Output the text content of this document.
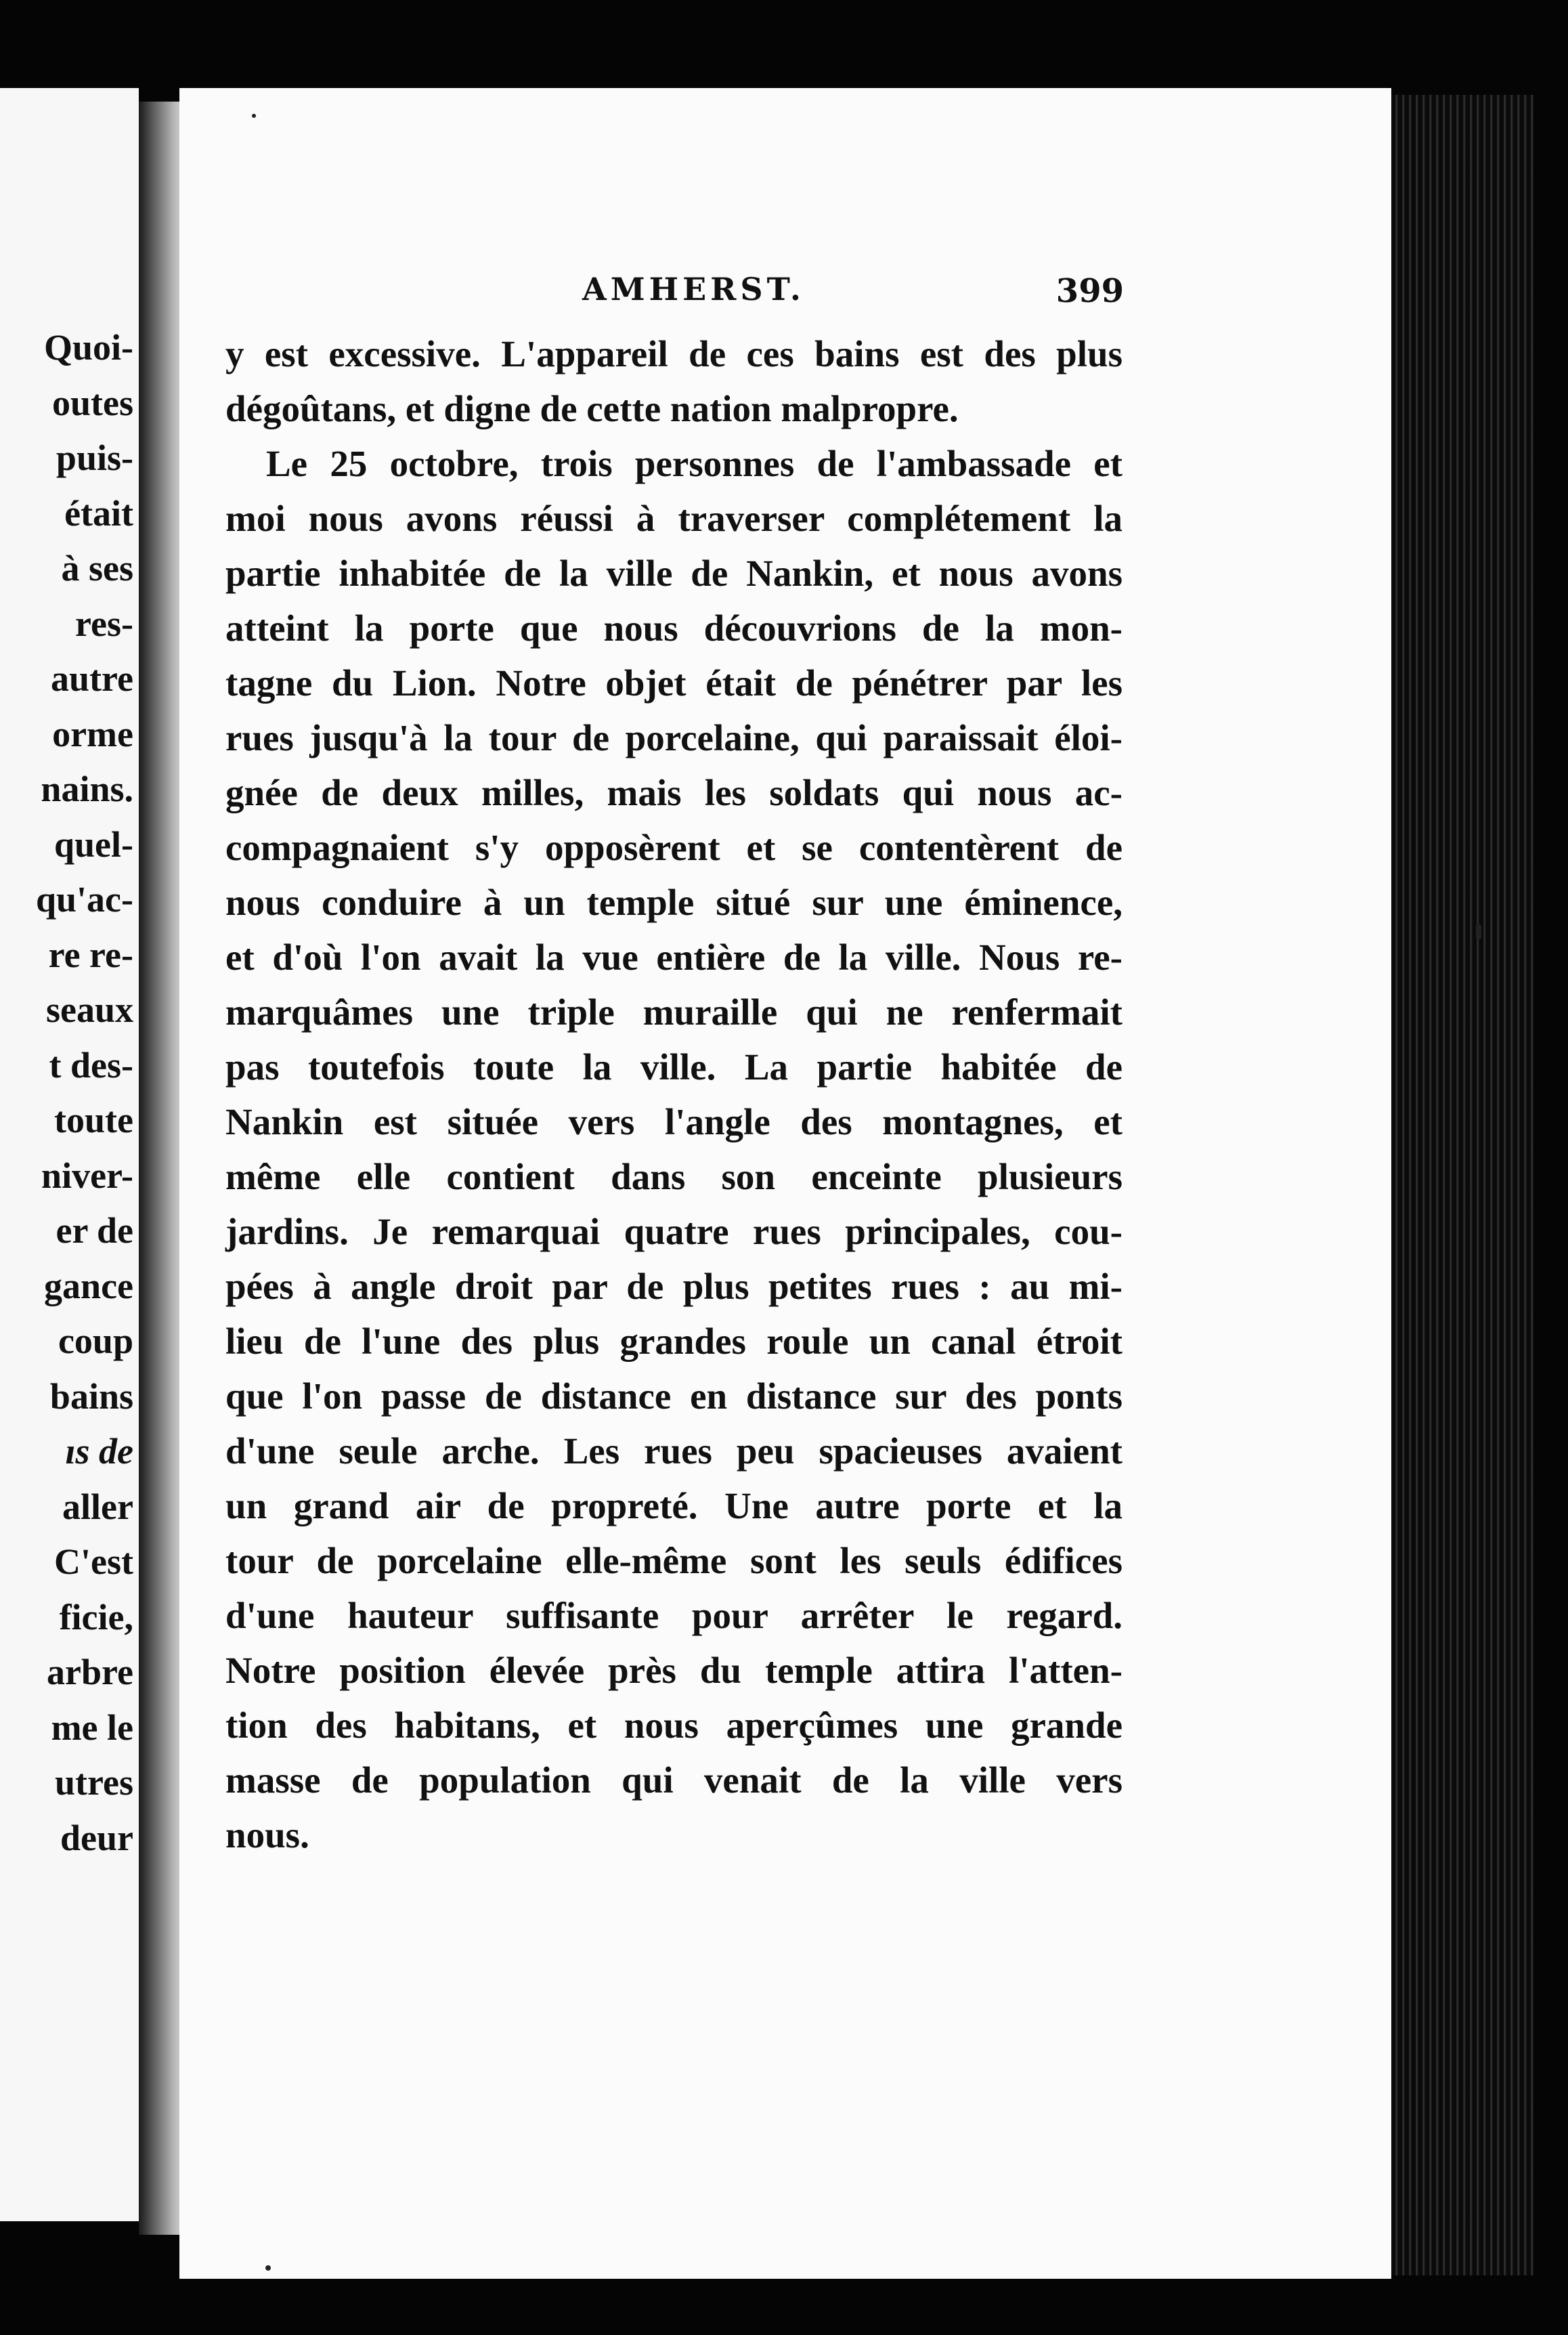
Quoi-
outes
puis-
était
à ses
res-
autre
orme
nains.
quel-
qu'ac-
re re-
seaux
t des-
toute
niver-
er de
gance
coup
bains
ıs de
aller
C'est
ficie,
arbre
me le
utres
deur
AMHERST.	399
y est excessive. L'appareil de ces bains est des plus
dégoûtans, et digne de cette nation malpropre.
Le 25 octobre, trois personnes de l'ambassade et
moi nous avons réussi à traverser complétement la
partie inhabitée de la ville de Nankin, et nous avons
atteint la porte que nous découvrions de la mon-
tagne du Lion. Notre objet était de pénétrer par les
rues jusqu'à la tour de porcelaine, qui paraissait éloi-
gnée de deux milles, mais les soldats qui nous ac-
compagnaient s'y opposèrent et se contentèrent de
nous conduire à un temple situé sur une éminence,
et d'où l'on avait la vue entière de la ville. Nous re-
marquâmes une triple muraille qui ne renfermait
pas toutefois toute la ville. La partie habitée de
Nankin est située vers l'angle des montagnes, et
même elle contient dans son enceinte plusieurs
jardins. Je remarquai quatre rues principales, cou-
pées à angle droit par de plus petites rues : au mi-
lieu de l'une des plus grandes roule un canal étroit
que l'on passe de distance en distance sur des ponts
d'une seule arche. Les rues peu spacieuses avaient
un grand air de propreté. Une autre porte et la
tour de porcelaine elle-même sont les seuls édifices
d'une hauteur suffisante pour arrêter le regard.
Notre position élevée près du temple attira l'atten-
tion des habitans, et nous aperçûmes une grande
masse de population qui venait de la ville vers
nous.
